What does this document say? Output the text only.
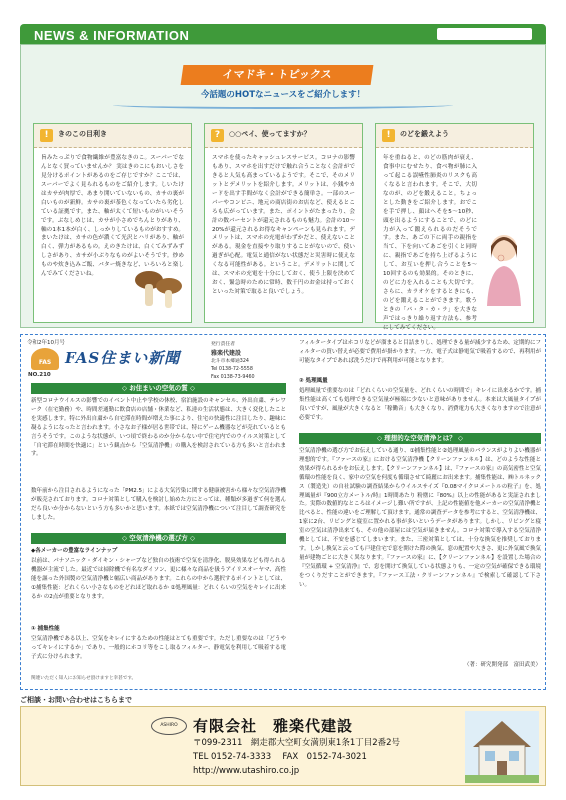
NEWS & INFORMATION
イマドキ・トピックス
今話題のHOTなニュースをご紹介します！
!	きのこの目利き
旨みたっぷりで食物繊維が豊富なきのこ。スーパーでなんとなく買っていませんか？ 実はきのこにもおいしさを見分けるポイントがあるのをご存じですか？ここでは、スーパーでよく見られるものをご紹介します。しいたけはカサが肉厚で、あまり開いていないもの、カサの裏が白いものが新鮮。カサの裏が茶色くなっていたら劣化している証拠です。また、軸が太くて短いものがいいそうです。ぶなしめじは、カサが小さめでちんとりがあり、軸の1本1本が白く、しっかりしているものがおすすめ。まいたけは、カサの色が濃くて光沢とハリがあり、軸が白く、弾力があるもの。えのきたけは、白くてみずみずしさがあり、カサが小ぶりなものがよいそうです。炒めものや炊き込みご飯、バター焼きなど、いろいろと楽しんでみてくださいね。
?	○○ペイ、使ってますか？
スマホを使ったキャッシュレスサービス。コロナの影響もあり、スマホを出すだけで触れ合うことなく会計ができると人気も高まっているようです。そこで、そのメリットとデメリットを紹介します。メリットは、小銭やカードを出す手間がなく会計ができる簡単さ。一部のスーパーやコンビニ、地元の商店街のお店など、使えるところも広がっています。また、ポイントがたまったり、会計の数パーセントが還元されるものも魅力。会計の10～20%が還元されるお得なキャンペーンも見られます。デメリットは、スマホの充電がわずかだと、使えないことがある。現金を直接やり取りすることがないので、使い過ぎが心配。電気と通信がない状態だと災害時に使えなくなる可能性がある。ということ。デメリットに関しては、スマホの充電を十分にしておく、使う上限を決めておく、緊急時のために常時、数千円のお金は持っておくといった対策で取ると良いでしょう。
!	のどを鍛えよう
年を重ねると、のどの筋肉が衰え、食事中にむせたり、食べ物が肺に入って起こる誤嚥性肺炎のリスクも高くなると言われます。そこで、大切なのが、のどを鍛えること。ちょっとした動きをご紹介します。おでこを手で押し、顔はへそを5～10秒、頭を出るようにすることで、のどに力が入って鍛えられるのだそうです。また、あごの下に両手の親指を当て、下を向いてあごを引くと同時に、親指であごを持ち上げるようにして、お互いを押し合うことを5～10回するのも効果的。そのときに、のどに力を入れることも大切です。さらに、カラオケをするときにも、のどを鍛えることができます。歌うときの「パ・タ・カ・ラ」を大きな声ではっきり繰り返す方法も、参考にしてみてください。
令和2年10月号
FAS
NO.210
FAS住まい新聞
発行責任者
雅楽代建設
北斗市本郷通324
Tel 0138-72-5558
Fax 0138-73-9460
◇ お住まいの空気の質 ◇
新型コロナウイルスの影響でのイベント中止や学校の休校、宿泊施設のキャンセル、外出自粛、テレワーク（在宅勤務）や、時間差通勤に飲食店の店舗・休業など、私達の生活状態は、大きく変化したことを実感します。特に外出自粛から自宅滞在時間が増えた事により、住宅の快適性に注目したり、趣味に凝るようになったと言われます。小さなお子様が居る世帯では、特にゲーム機器などが売れているとも言うそうです。このような状態が、いつ頃で終わるのか分からない中で住宅内でのウイルス対策として「自宅滞在時間を快適に」という観点から「空気清浄機」の購入を検討されている方も多いと言われます。
数年前から注目されるようになった「PM2.5」による大気汚染に関する健康被害から様々な空気清浄機が販売されております。コロナ対策として購入を検討し始めた方にとっては、種類が多過ぎて何を選んだら良いか分からないという方も多いかと思います。本紙では空気清浄機について注目して調査研究をしました。
◇ 空気清浄機の選び方 ◇
◆各メーカーの豊富なラインナップ
以前は、パナソニック・ダイキン・シャープなど独自の技術で空気を清浄化、脱臭効果なども得られる機器が主流でした。最近では掃除機で有名なダイソン、更に様々な商品を扱うアイリスオーヤマ、高性能を謳った外国製の空気清浄機と幅広い商品があります。これらの中から選択するポイントとしては、①捕集性能：どれくらい小さなものをどれほど取れるか ②処理風量：どれくらいの空気をキレイに出来るか の2点が重要となります。
① 捕集性能
空気清浄機である以上、空気をキレイにするための性能はとても重要です。ただし重要なのは「どうやってキレイにするか」であり、一般的にホコリ等をこし取るフィルター、静電気を利用して吸着する電子式に分けられます。
フィルタータイプはホコリなどが溜まると目詰まりし、処理できる量が減少するため、定期的にフィルターの買い替えが必要で費用が掛かります。一方、電子式は静電気で吸着するので、再利用が可能なタイプであれば洗うだけで再利用が可能となります。
② 処理風量
処理風量で重要なのは「どれくらいの空気量を、どれくらいの時間で」キレイに出来るかです。捕集性能は高くても処理できる空気量が極端に少ないと意味がありません。本来は大風量タイプが良いですが、風量が大きくなると「稼働音」も大きくなり、消費電力も大きくなりますので注意が必要です。
◇ 理想的な空気清浄とは？ ◇
空気清浄機の選び方でお伝えしている通り、①捕集性能と②処理風量のバランスがよりよい機器が理想的です。『ファースの家』における空気清浄機【クリーンファンネル】は、どのような性能と効果が得られるかをお伝えします。【クリーンファンネル】は、『ファースの家』の高気密性と空気循環の性能を良く、家中の空気を何度も循環させて綺麗にお出来ます。捕集性能は、㈱トルネックス（製造先）の自社試験の調査結果からウイルスサイズ『0.08マイクロメートルの粒子』を、処理風量が『900立方メートル/時』1時間あたり 粉塵に『80%』以上の性能があると実証されました。実際の数値的なところはイメージし難い所ですが、上記の性能値を他メーカーの空気清浄機と比べると、性能の違いをご理解して頂けます。通常の調査データを参考にすると、空気清浄機は、1家に2台、リビングと寝室に置かれる事が多いというデータがあります。しかし、リビングと寝室の空気は清浄出来ても、その他の部屋には空気が届きません。コロナ対策で導入する空気清浄機としては、不安を感じてしまいます。また、三密対策としては、十分な換気を推奨しております。しかし換気と云っても戸建住宅で窓を開けた際の換気、窓の配置や大きさ、更に外気風で換気量が建物ごとに大きく異なります。『ファースの家』に、【クリーンファンネル】を設置した場合の『空気循環 + 空気清浄』で、窓を開けて換気している状態よりも、一定の空気が確保できる環境をつくりだすことができます。『ファース工法・クリーンファンネル』で検索して確認して下さい。
（著：研究開発部　富田武美）
関連いただく知人にお知らせ頂けますと幸甚です。
ご相談・お問い合わせはこちらまで
ASHIRO	有限会社　雅楽代建設
〒099-2311　網走郡大空町女満別東1条1丁目2番2号
TEL 0152-74-3333　 FAX　0152-74-3021
http://www.utashiro.co.jp
